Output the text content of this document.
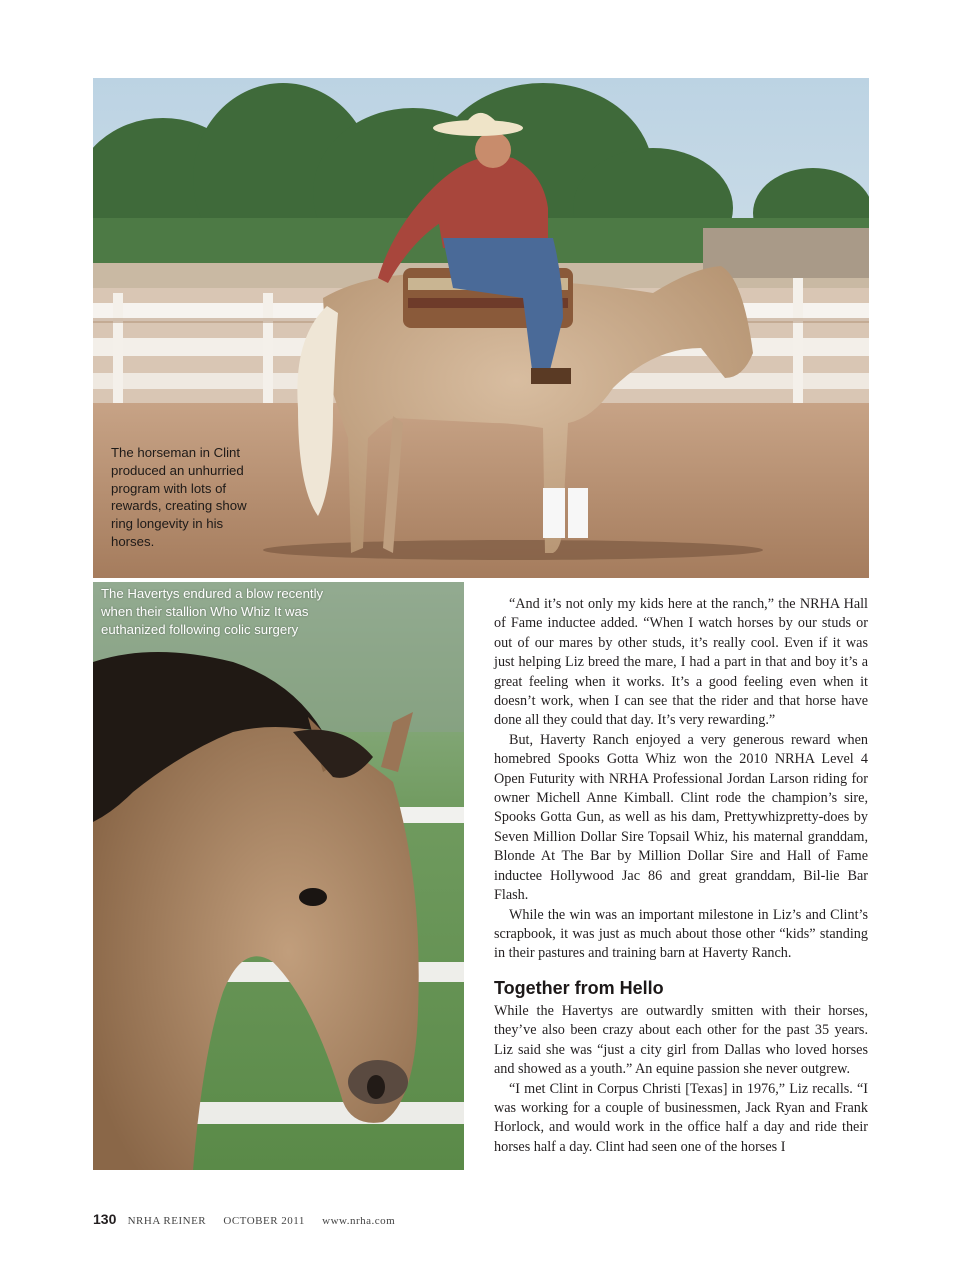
The horseman in Clint produced an unhurried program with lots of rewards, creating show ring longevity in his horses.
The Havertys endured a blow recently when their stallion Who Whiz It was euthanized following colic surgery

“And it’s not only my kids here at the ranch,” the NRHA Hall of Fame inductee added. “When I watch horses by our studs or out of our mares by other studs, it’s really cool. Even if it was just helping Liz breed the mare, I had a part in that and boy it’s a great feeling when it works. It’s a good feeling even when it doesn’t work, when I can see that the rider and that horse have done all they could that day. It’s very rewarding.”

But, Haverty Ranch enjoyed a very generous reward when homebred Spooks Gotta Whiz won the 2010 NRHA Level 4 Open Futurity with NRHA Professional Jordan Larson riding for owner Michell Anne Kimball. Clint rode the champion’s sire, Spooks Gotta Gun, as well as his dam, Prettywhizpretty-does by Seven Million Dollar Sire Topsail Whiz, his maternal granddam, Blonde At The Bar by Million Dollar Sire and Hall of Fame inductee Hollywood Jac 86 and great granddam, Bil-lie Bar Flash.

While the win was an important milestone in Liz’s and Clint’s scrapbook, it was just as much about those other “kids” standing in their pastures and training barn at Haverty Ranch.

Together from Hello

While the Havertys are outwardly smitten with their horses, they’ve also been crazy about each other for the past 35 years. Liz said she was “just a city girl from Dallas who loved horses and showed as a youth.” An equine passion she never outgrew.

“I met Clint in Corpus Christi [Texas] in 1976,” Liz recalls. “I was working for a couple of businessmen, Jack Ryan and Frank Horlock, and would work in the office half a day and ride their horses half a day. Clint had seen one of the horses I

130 NRHA REINER OCTOBER 2011 www.nrha.com
